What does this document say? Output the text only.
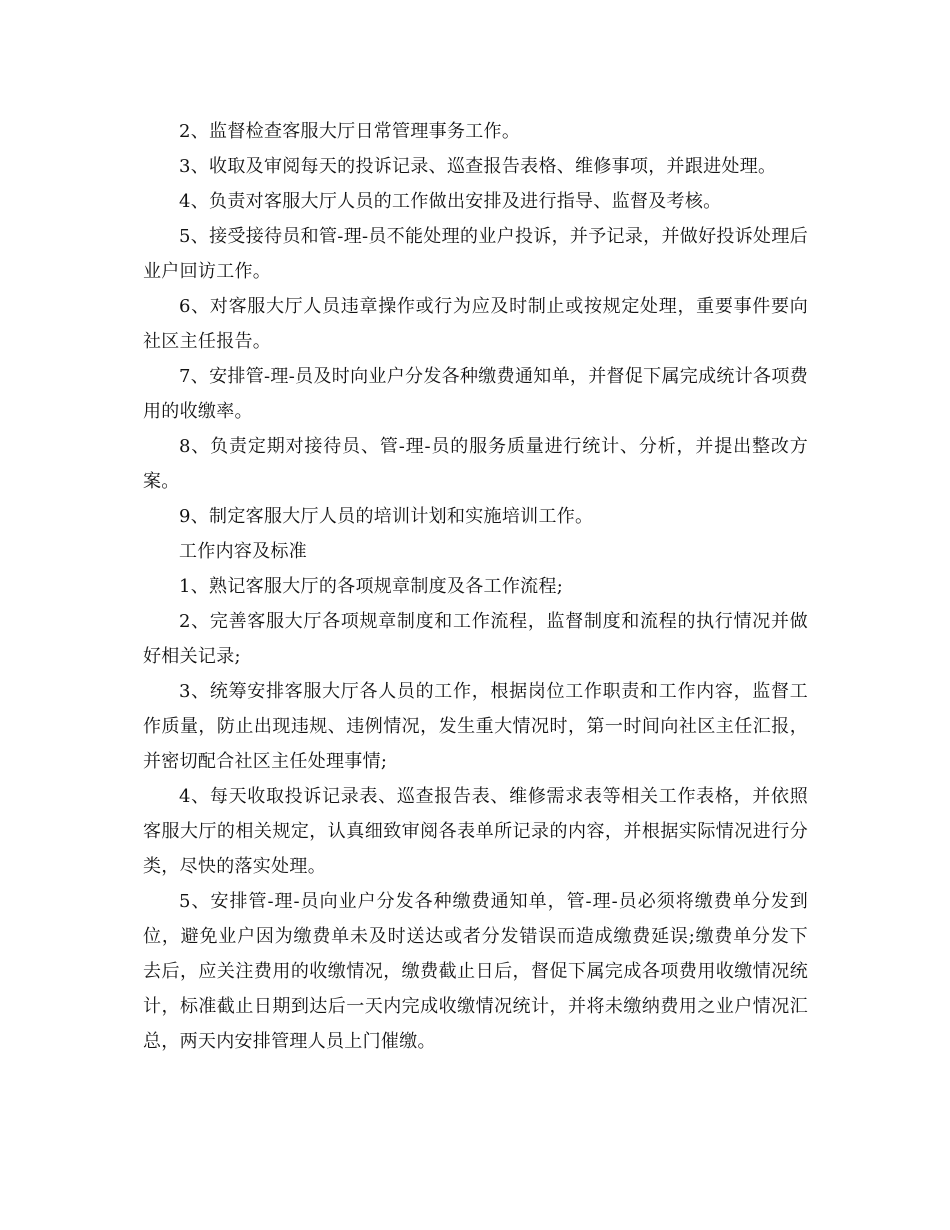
2、监督检查客服大厅日常管理事务工作。

3、收取及审阅每天的投诉记录、巡查报告表格、维修事项，并跟进处理。

4、负责对客服大厅人员的工作做出安排及进行指导、监督及考核。

5、接受接待员和管-理-员不能处理的业户投诉，并予记录，并做好投诉处理后业户回访工作。

6、对客服大厅人员违章操作或行为应及时制止或按规定处理，重要事件要向社区主任报告。

7、安排管-理-员及时向业户分发各种缴费通知单，并督促下属完成统计各项费用的收缴率。

8、负责定期对接待员、管-理-员的服务质量进行统计、分析，并提出整改方案。

9、制定客服大厅人员的培训计划和实施培训工作。

工作内容及标准

1、熟记客服大厅的各项规章制度及各工作流程;

2、完善客服大厅各项规章制度和工作流程，监督制度和流程的执行情况并做好相关记录;

3、统筹安排客服大厅各人员的工作，根据岗位工作职责和工作内容，监督工作质量，防止出现违规、违例情况，发生重大情况时，第一时间向社区主任汇报，并密切配合社区主任处理事情;

4、每天收取投诉记录表、巡查报告表、维修需求表等相关工作表格，并依照客服大厅的相关规定，认真细致审阅各表单所记录的内容，并根据实际情况进行分类，尽快的落实处理。

5、安排管-理-员向业户分发各种缴费通知单，管-理-员必须将缴费单分发到位，避免业户因为缴费单未及时送达或者分发错误而造成缴费延误;缴费单分发下去后，应关注费用的收缴情况，缴费截止日后，督促下属完成各项费用收缴情况统计，标准截止日期到达后一天内完成收缴情况统计，并将未缴纳费用之业户情况汇总，两天内安排管理人员上门催缴。
